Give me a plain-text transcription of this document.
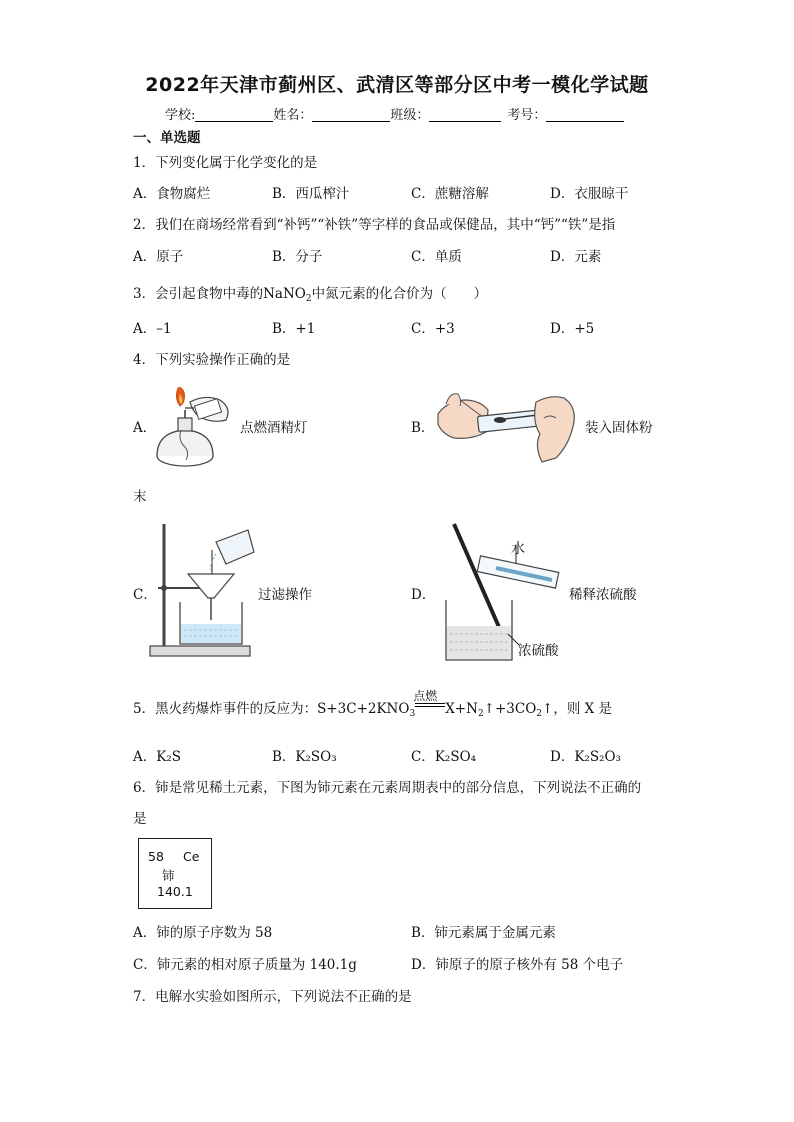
2022年天津市蓟州区、武清区等部分区中考一模化学试题
学校:	姓名：	班级：	考号：
一、单选题
1．下列变化属于化学变化的是
A．食物腐烂	B．西瓜榨汁	C．蔗糖溶解	D．衣服晾干
2．我们在商场经常看到“补钙”“补铁”等字样的食品或保健品，其中“钙”“铁”是指
A．原子	B．分子	C．单质	D．元素
3．会引起食物中毒的NaNO$_2$中氮元素的化合价为（　　）
A．–1	B．+1	C．+3	D．+5
4．下列实验操作正确的是
A．	点燃酒精灯	B．	装入固体粉
末
C．	过滤操作	D．
水
稀释浓硫酸
浓硫酸
5．黑火药爆炸事件的反应为：$S+3C+2KNO_3$
点燃
$X+N_2↑+3CO_2↑$，则 X 是
A．K₂S	B．K₂SO₃	C．K₂SO₄	D．K₂S₂O₃
6．铈是常见稀土元素，下图为铈元素在元素周期表中的部分信息，下列说法不正确的
是
58 Ce
铈
140.1
A．铈的原子序数为 58	B．铈元素属于金属元素
C．铈元素的相对原子质量为 140.1g	D．铈原子的原子核外有 58 个电子
7．电解水实验如图所示，下列说法不正确的是
